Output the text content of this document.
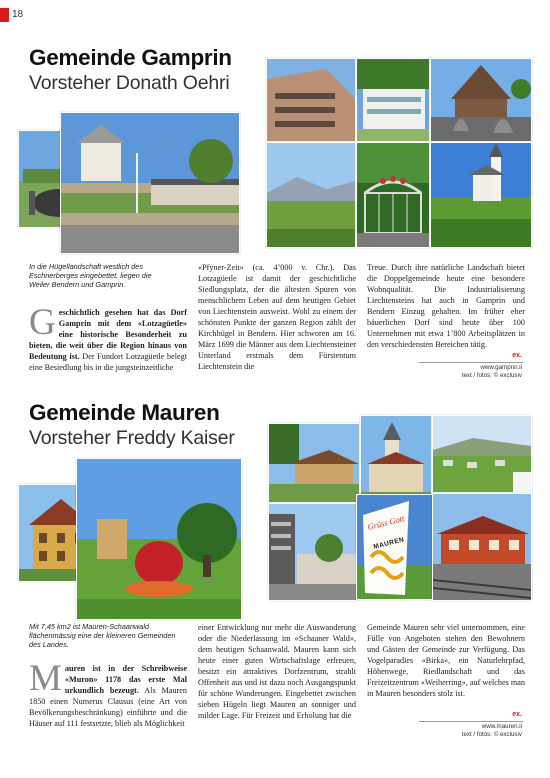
18
Gemeinde Gamprin
Vorsteher Donath Oehri
In die Hügellandschaft westlich des Eschnerberges eingebettet, liegen die Weiler Bendern und Gamprin.
G eschichtlich gesehen hat das Dorf Gamprin mit dem «Lotzagüetle» eine historische Besonderheit zu bieten, die weit über die Region hinaus von Bedeutung ist. Der Fundort Lotzagüetle belegt eine Besiedlung bis in die jungsteinzeitliche

«Pfyner-Zeit» (ca. 4’000 v. Chr.). Das Lotzagüetle ist damit der geschichtliche Siedlungsplatz, der die ältesten Spuren von menschlichem Leben auf dem heutigen Gebiet von Liechtenstein ausweist. Wohl zu einem der schönsten Punkte der ganzen Region zählt der Kirchhügel in Bendern. Hier schworen am 16. März 1699 die Männer aus dem Liechtensteiner Unterland erstmals dem Fürstentum Liechtenstein die

Treue. Durch ihre natürliche Landschaft bietet die Doppelgemeinde heute eine besondere Wohnqualität. Die Industrialisierung Liechtensteins hat auch in Gamprin und Bendern Einzug gehalten. Im früher eher bäuerlichen Dorf sind heute über 100 Unternehmen mit etwa 1’800 Arbeitsplätzen in den verschiedensten Bereichen tätig.

ex.
www.gamprin.li
text / fotos: © exclusiv
Gemeinde Mauren
Vorsteher Freddy Kaiser
Grüss Gott
MAUREN
Mit 7,45 km2 ist Mauren-Schaanwald flächenmässig eine der kleineren Gemeinden des Landes.
M auren ist in der Schreibweise «Muron» 1178 das erste Mal urkundlich bezeugt. Als Mauren 1850 einen Numerus Clausus (eine Art von Bevölkerungsbeschränkung) einführte und die Häuser auf 111 festsetzte, blieb als Möglichkeit

einer Entwicklung nur mehr die Auswanderung oder die Niederlassung im «Schaaner Wald», dem heutigen Schaanwald. Mauren kann sich heute einer guten Wirtschaftslage erfreuen, besitzt ein attraktives Dorfzentrum, strahlt Offenheit aus und ist dazu noch Ausgangspunkt für schöne Wanderungen. Eingebettet zwischen sieben Hügeln liegt Mauren an sonniger und milder Lage. Für Freizeit und Erholung hat die

Gemeinde Mauren sehr viel unternommen, eine Fülle von Angeboten stehen den Bewohnern und Gästen der Gemeinde zur Verfügung. Das Vogelparadies «Birka», ein Naturlehrpfad, Höhenwege, Riedlandschaft und das Freizeitzentrum «Weiherring», auf welches man in Mauren besonders stolz ist.

ex.
www.mauren.li
text / fotos: © exclusiv
